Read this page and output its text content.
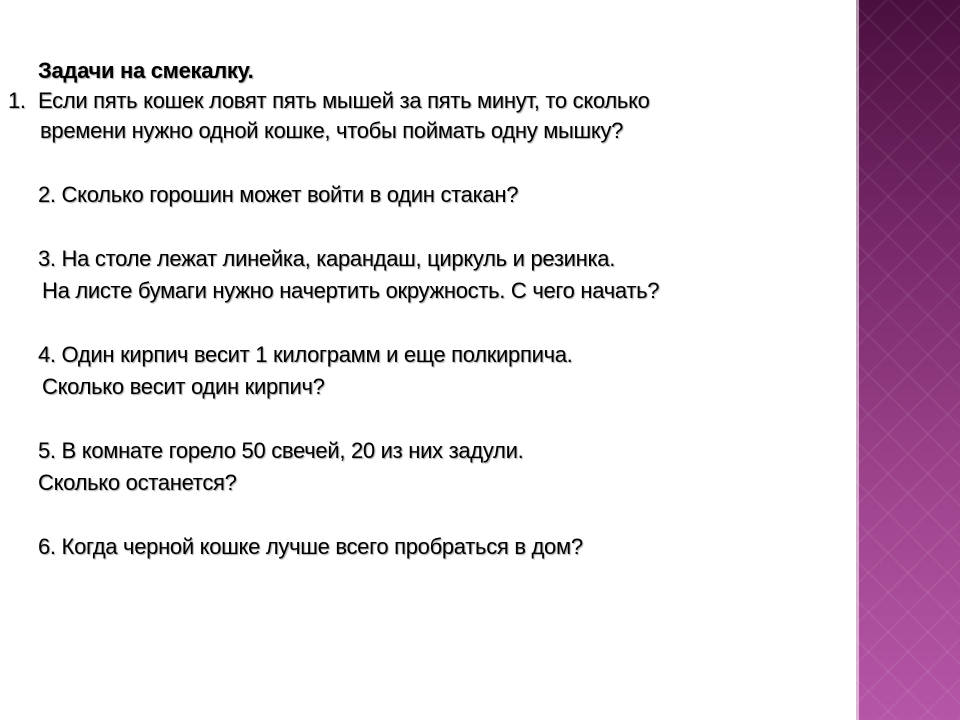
Задачи на смекалку.
1. Если пять кошек ловят пять мышей за пять минут, то сколько
времени нужно одной кошке, чтобы поймать одну мышку?
2. Сколько горошин может войти в один стакан?
3. На столе лежат линейка, карандаш, циркуль и резинка.
На листе бумаги нужно начертить окружность. С чего начать?
4. Один кирпич весит 1 килограмм и еще полкирпича.
Сколько весит один кирпич?
5. В комнате горело 50 свечей, 20 из них задули.
Сколько останется?
6. Когда черной кошке лучше всего пробраться в дом?
